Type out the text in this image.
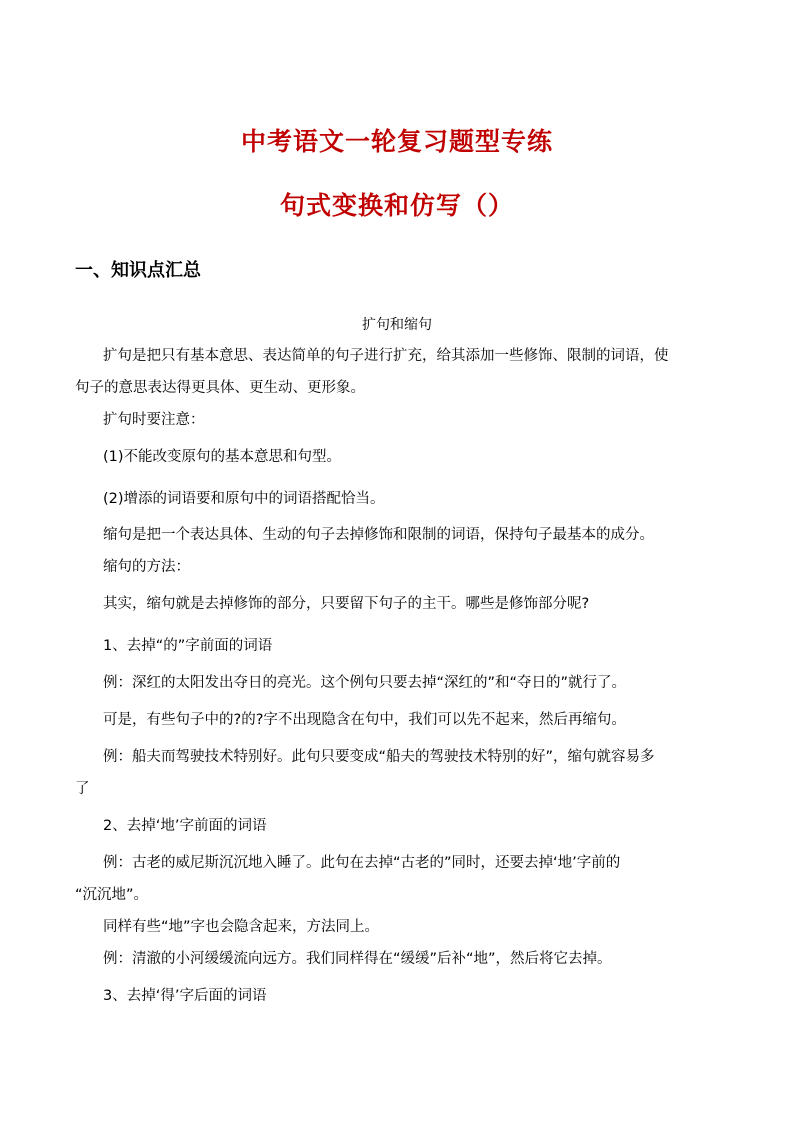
中考语文一轮复习题型专练
句式变换和仿写（）
一、知识点汇总
扩句和缩句
扩句是把只有基本意思、表达简单的句子进行扩充，给其添加一些修饰、限制的词语，使
句子的意思表达得更具体、更生动、更形象。
扩句时要注意：
(1)不能改变原句的基本意思和句型。
(2)增添的词语要和原句中的词语搭配恰当。
缩句是把一个表达具体、生动的句子去掉修饰和限制的词语，保持句子最基本的成分。
缩句的方法：
其实，缩句就是去掉修饰的部分，只要留下句子的主干。哪些是修饰部分呢?
1、去掉“的”字前面的词语
例：深红的太阳发出夺日的亮光。这个例句只要去掉“深红的”和“夺日的”就行了。
可是，有些句子中的?的?字不出现隐含在句中，我们可以先不起来，然后再缩句。
例：船夫而驾驶技术特别好。此句只要变成“船夫的驾驶技术特别的好”，缩句就容易多
了
2、去掉‘地’字前面的词语
例：古老的威尼斯沉沉地入睡了。此句在去掉“古老的”同时，还要去掉‘地’字前的
“沉沉地”。
同样有些“地”字也会隐含起来，方法同上。
例：清澈的小河缓缓流向远方。我们同样得在“缓缓”后补“地”，然后将它去掉。
3、去掉‘得’字后面的词语
